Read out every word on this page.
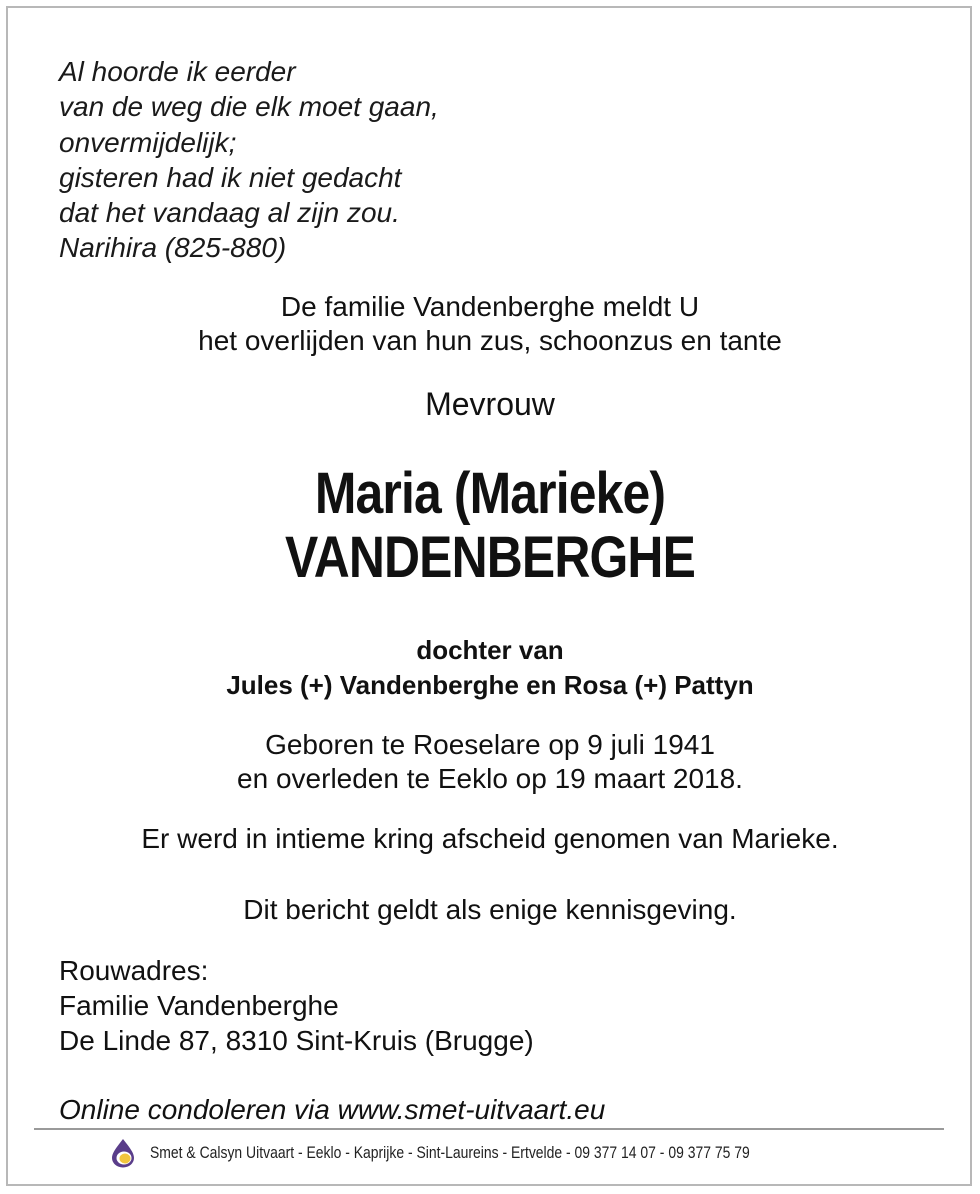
Al hoorde ik eerder
van de weg die elk moet gaan,
onvermijdelijk;
gisteren had ik niet gedacht
dat het vandaag al zijn zou.
Narihira (825-880)
De familie Vandenberghe meldt U
het overlijden van hun zus, schoonzus en tante
Mevrouw
Maria (Marieke)
VANDENBERGHE
dochter van
Jules (+) Vandenberghe en Rosa (+) Pattyn
Geboren te Roeselare op 9 juli 1941
en overleden te Eeklo op 19 maart 2018.
Er werd in intieme kring afscheid genomen van Marieke.
Dit bericht geldt als enige kennisgeving.
Rouwadres:
Familie Vandenberghe
De Linde 87, 8310 Sint-Kruis (Brugge)
Online condoleren via www.smet-uitvaart.eu
Smet & Calsyn Uitvaart - Eeklo - Kaprijke - Sint-Laureins - Ertvelde - 09 377 14 07 - 09 377 75 79
